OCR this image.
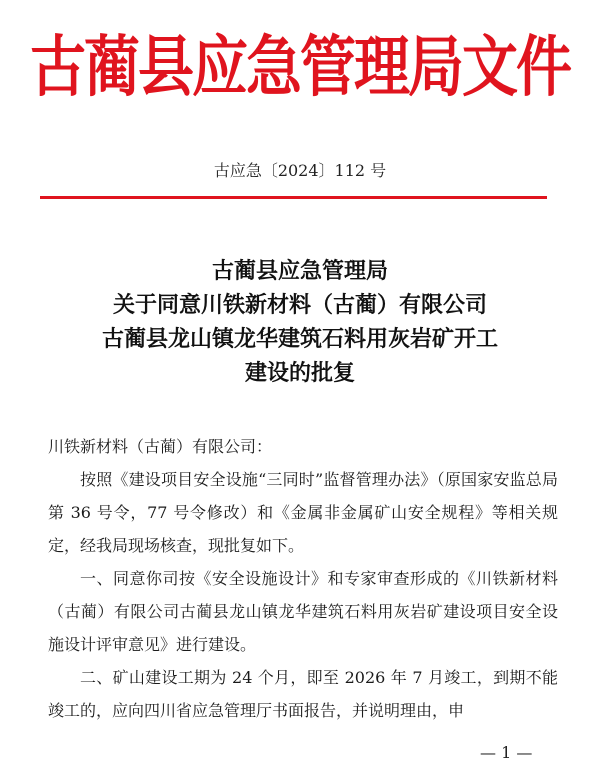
古蔺县应急管理局文件
古应急〔2024〕112 号
古蔺县应急管理局
关于同意川铁新材料（古蔺）有限公司
古蔺县龙山镇龙华建筑石料用灰岩矿开工
建设的批复
川铁新材料（古蔺）有限公司：

按照《建设项目安全设施“三同时”监督管理办法》（原国家安监总局第 36 号令，77 号令修改）和《金属非金属矿山安全规程》等相关规定，经我局现场核查，现批复如下。

一、同意你司按《安全设施设计》和专家审查形成的《川铁新材料（古蔺）有限公司古蔺县龙山镇龙华建筑石料用灰岩矿建设项目安全设施设计评审意见》进行建设。

二、矿山建设工期为 24 个月，即至 2026 年 7 月竣工，到期不能竣工的，应向四川省应急管理厅书面报告，并说明理由，申

— 1 —
